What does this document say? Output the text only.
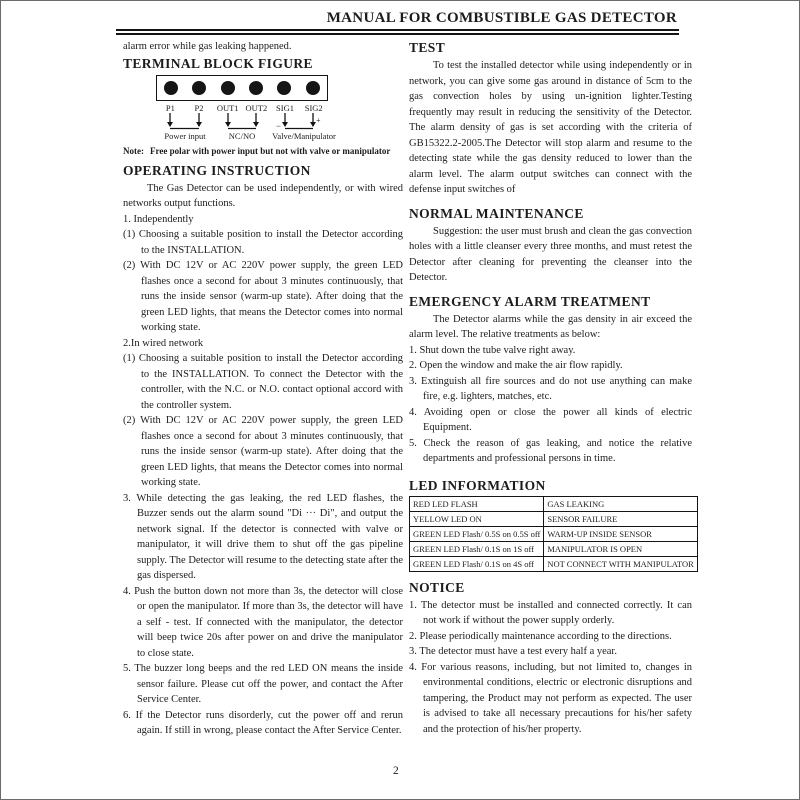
MANUAL FOR COMBUSTIBLE GAS DETECTOR

alarm error while gas leaking happened.

TERMINAL BLOCK FIGURE
P1	P2	OUT1 OUT2	SIG1	SIG2
−
+
Power input	NC/NO Valve/Manipulator

Note: Free polar with power input but not with valve or manipulator

OPERATING INSTRUCTION

The Gas Detector can be used independently, or with wired networks output functions.

1. Independently

(1) Choosing a suitable position to install the Detector according to the INSTALLATION.

(2) With DC 12V or AC 220V power supply, the green LED flashes once a second for about 3 minutes continuously, that runs the inside sensor (warm-up state). After doing that the green LED lights, that means the Detector comes into normal working state.

2.In wired network

(1) Choosing a suitable position to install the Detector according to the INSTALLATION. To connect the Detector with the controller, with the N.C. or N.O. contact optional accord with the controller system.

(2) With DC 12V or AC 220V power supply, the green LED flashes once a second for about 3 minutes continuously, that runs the inside sensor (warm-up state). After doing that the green LED lights, that means the Detector comes into normal working state.

3. While detecting the gas leaking, the red LED flashes, the Buzzer sends out the alarm sound "Di ··· Di", and output the network signal. If the detector is connected with valve or manipulator, it will drive them to shut off the gas pipeline supply. The Detector will resume to the detecting state after the gas dispersed.

4. Push the button down not more than 3s, the detector will close or open the manipulator. If more than 3s, the detector will have a self - test. If connected with the manipulator, the detector will beep twice 20s after power on and drive the manipulator to close state.

5. The buzzer long beeps and the red LED ON means the inside sensor failure. Please cut off the power, and contact the After Service Center.

6. If the Detector runs disorderly, cut the power off and rerun again. If still in wrong, please contact the After Service Center.

TEST

To test the installed detector while using independently or in network, you can give some gas around in distance of 5cm to the gas convection holes by using un-ignition lighter.Testing frequently may result in reducing the sensitivity of the Detector. The alarm density of gas is set according with the criteria of GB15322.2-2005.The Detector will stop alarm and resume to the detecting state while the gas density reduced to lower than the alarm level. The alarm output switches can connect with the defense input switches of

NORMAL MAINTENANCE

Suggestion: the user must brush and clean the gas convection holes with a little cleanser every three months, and must retest the Detector after cleaning for preventing the cleanser into the Detector.

EMERGENCY ALARM TREATMENT

The Detector alarms while the gas density in air exceed the alarm level. The relative treatments as below:

1. Shut down the tube valve right away.

2. Open the window and make the air flow rapidly.

3. Extinguish all fire sources and do not use anything can make fire, e.g. lighters, matches, etc.

4. Avoiding open or close the power all kinds of electric Equipment.

5. Check the reason of gas leaking, and notice the relative departments and professional persons in time.

LED INFORMATION
RED LED FLASH	GAS LEAKING
YELLOW LED ON	SENSOR FAILURE
GREEN LED Flash/ 0.5S on 0.5S off	WARM-UP INSIDE SENSOR
GREEN LED Flash/ 0.1S on 1S off	MANIPULATOR IS OPEN
GREEN LED Flash/ 0.1S on 4S off	NOT CONNECT WITH MANIPULATOR
NOTICE

1. The detector must be installed and connected correctly. It can not work if without the power supply orderly.

2. Please periodically maintenance according to the directions.

3. The detector must have a test every half a year.

4. For various reasons, including, but not limited to, changes in environmental conditions, electric or electronic disruptions and tampering, the Product may not perform as expected. The user is advised to take all necessary precautions for his/her safety and the protection of his/her property.

2
